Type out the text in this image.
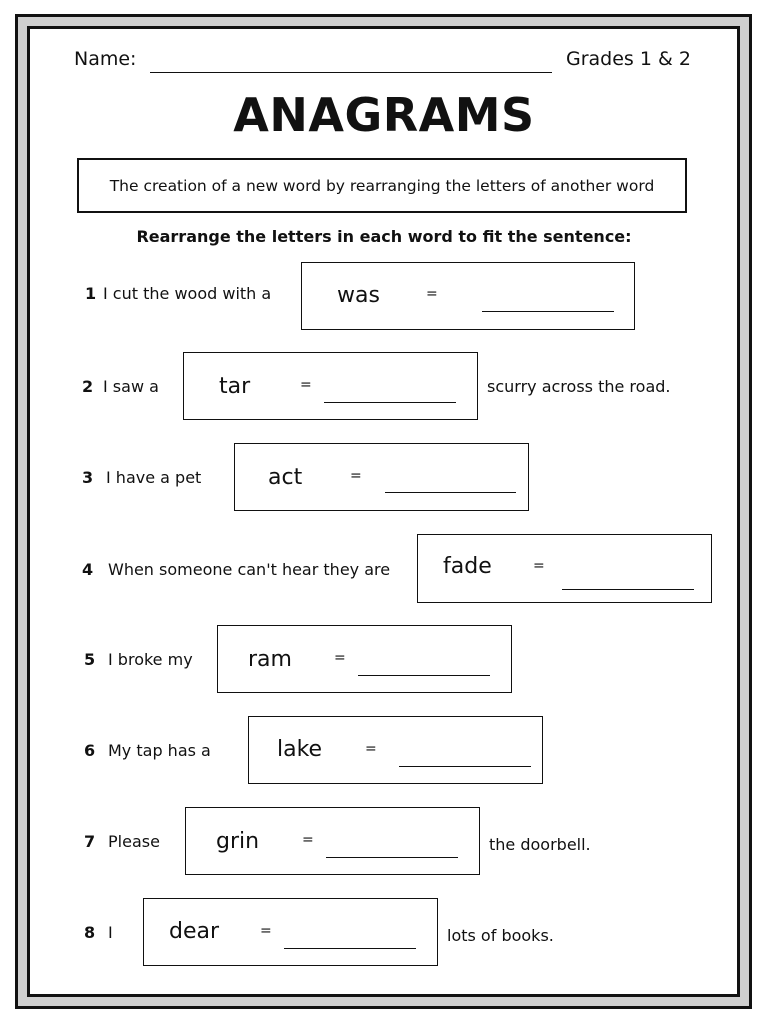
Name:	Grades 1 & 2
ANAGRAMS
The creation of a new word by rearranging the letters of another word
Rearrange the letters in each word to fit the sentence:
1 I cut the wood with a	was	=
2 I saw a	tar	=	scurry across the road.
3 I have a pet	act	=
4 When someone can't hear they are fade	=
5 I broke my	ram	=
6 My tap has a	lake	=
7 Please	grin	=	the doorbell.
8 I	dear	=	lots of books.
